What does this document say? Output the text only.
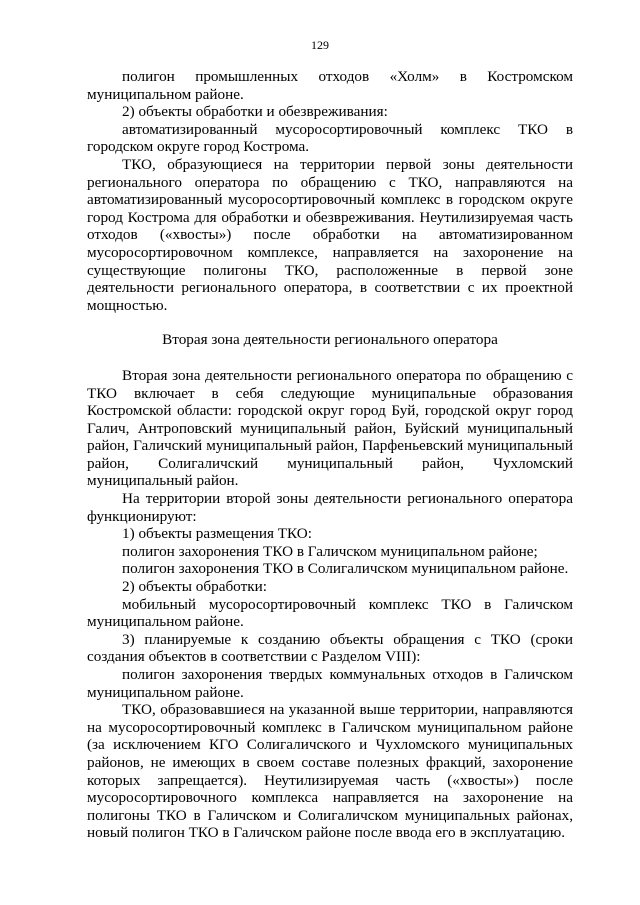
129

полигон промышленных отходов «Холм» в Костромском муниципальном районе.

2) объекты обработки и обезвреживания:

автоматизированный мусоросортировочный комплекс ТКО в городском округе город Кострома.

ТКО, образующиеся на территории первой зоны деятельности регионального оператора по обращению с ТКО, направляются на автоматизированный мусоросортировочный комплекс в городском округе город Кострома для обработки и обезвреживания. Неутилизируемая часть отходов («хвосты») после обработки на автоматизированном мусоросортировочном комплексе, направляется на захоронение на существующие полигоны ТКО, расположенные в первой зоне деятельности регионального оператора, в соответствии с их проектной мощностью.

Вторая зона деятельности регионального оператора

Вторая зона деятельности регионального оператора по обращению с ТКО включает в себя следующие муниципальные образования Костромской области: городской округ город Буй, городской округ город Галич, Антроповский муниципальный район, Буйский муниципальный район, Галичский муниципальный район, Парфеньевский муниципальный район, Солигаличский муниципальный район, Чухломский муниципальный район.

На территории второй зоны деятельности регионального оператора функционируют:

1) объекты размещения ТКО:

полигон захоронения ТКО в Галичском муниципальном районе;

полигон захоронения ТКО в Солигаличском муниципальном районе.

2) объекты обработки:

мобильный мусоросортировочный комплекс ТКО в Галичском муниципальном районе.

3) планируемые к созданию объекты обращения с ТКО (сроки создания объектов в соответствии с Разделом VIII):

полигон захоронения твердых коммунальных отходов в Галичском муниципальном районе.

ТКО, образовавшиеся на указанной выше территории, направляются на мусоросортировочный комплекс в Галичском муниципальном районе (за исключением КГО Солигаличского и Чухломского муниципальных районов, не имеющих в своем составе полезных фракций, захоронение которых запрещается). Неутилизируемая часть («хвосты») после мусоросортировочного комплекса направляется на захоронение на полигоны ТКО в Галичском и Солигаличском муниципальных районах, новый полигон ТКО в Галичском районе после ввода его в эксплуатацию.
